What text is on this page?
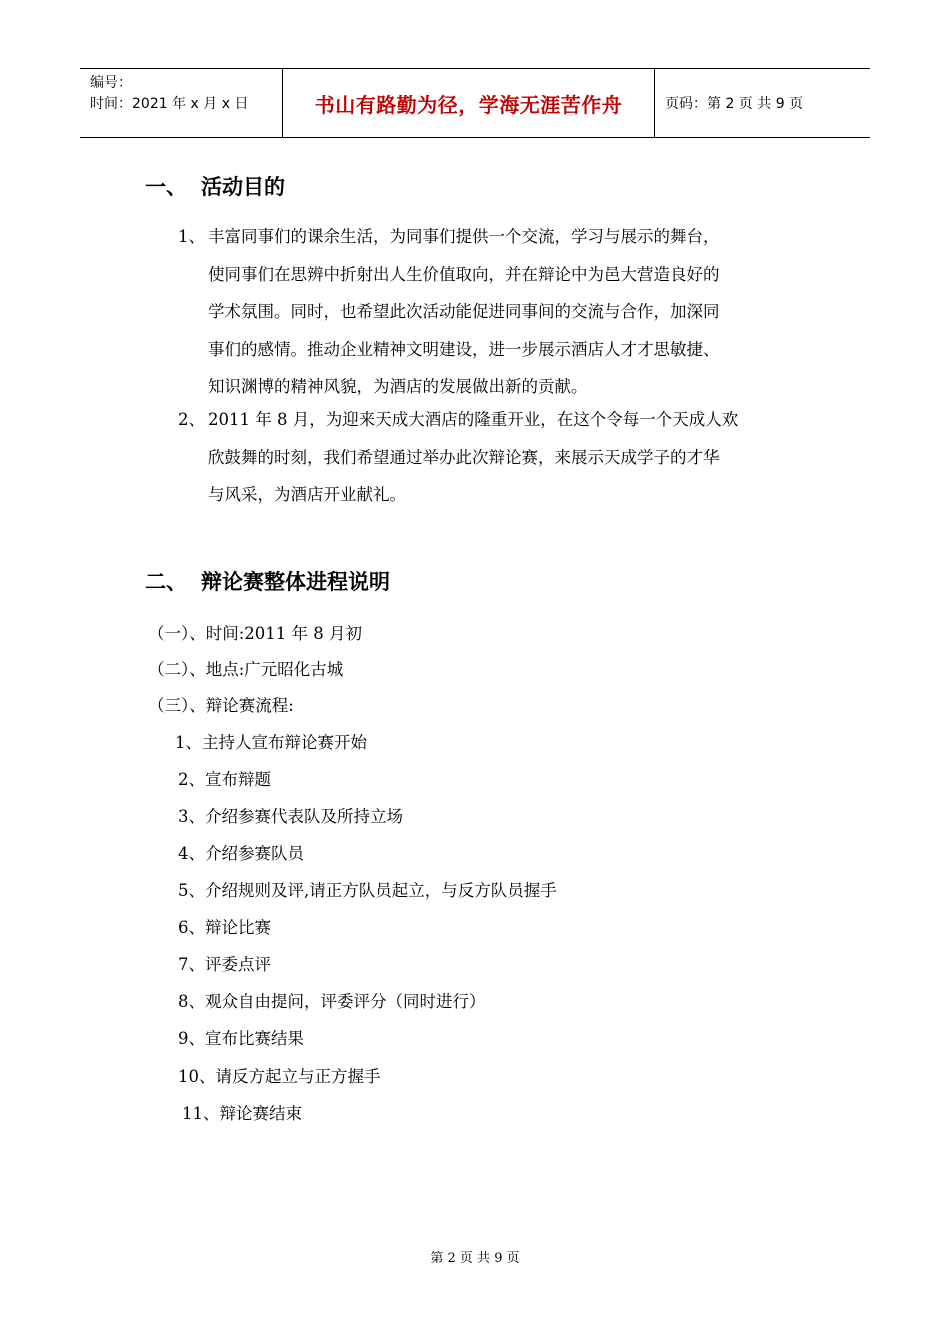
编号：
时间：2021 年 x 月 x 日	书山有路勤为径，学海无涯苦作舟	页码：第 2 页 共 9 页
一、 活动目的
1、 丰富同事们的课余生活，为同事们提供一个交流，学习与展示的舞台，
使同事们在思辨中折射出人生价值取向，并在辩论中为邑大营造良好的
学术氛围。同时，也希望此次活动能促进同事间的交流与合作，加深同
事们的感情。推动企业精神文明建设，进一步展示酒店人才才思敏捷、
知识渊博的精神风貌，为酒店的发展做出新的贡献。
2、 2011 年 8 月，为迎来天成大酒店的隆重开业，在这个令每一个天成人欢
欣鼓舞的时刻，我们希望通过举办此次辩论赛，来展示天成学子的才华
与风采，为酒店开业献礼。
二、 辩论赛整体进程说明
（一）、时间:2011 年 8 月初
（二）、地点:广元昭化古城
（三）、辩论赛流程:
1、主持人宣布辩论赛开始
2、宣布辩题
3、介绍参赛代表队及所持立场
4、介绍参赛队员
5、介绍规则及评,请正方队员起立，与反方队员握手
6、辩论比赛
7、评委点评
8、观众自由提问，评委评分（同时进行）
9、宣布比赛结果
10、请反方起立与正方握手
11、辩论赛结束
第 2 页 共 9 页
